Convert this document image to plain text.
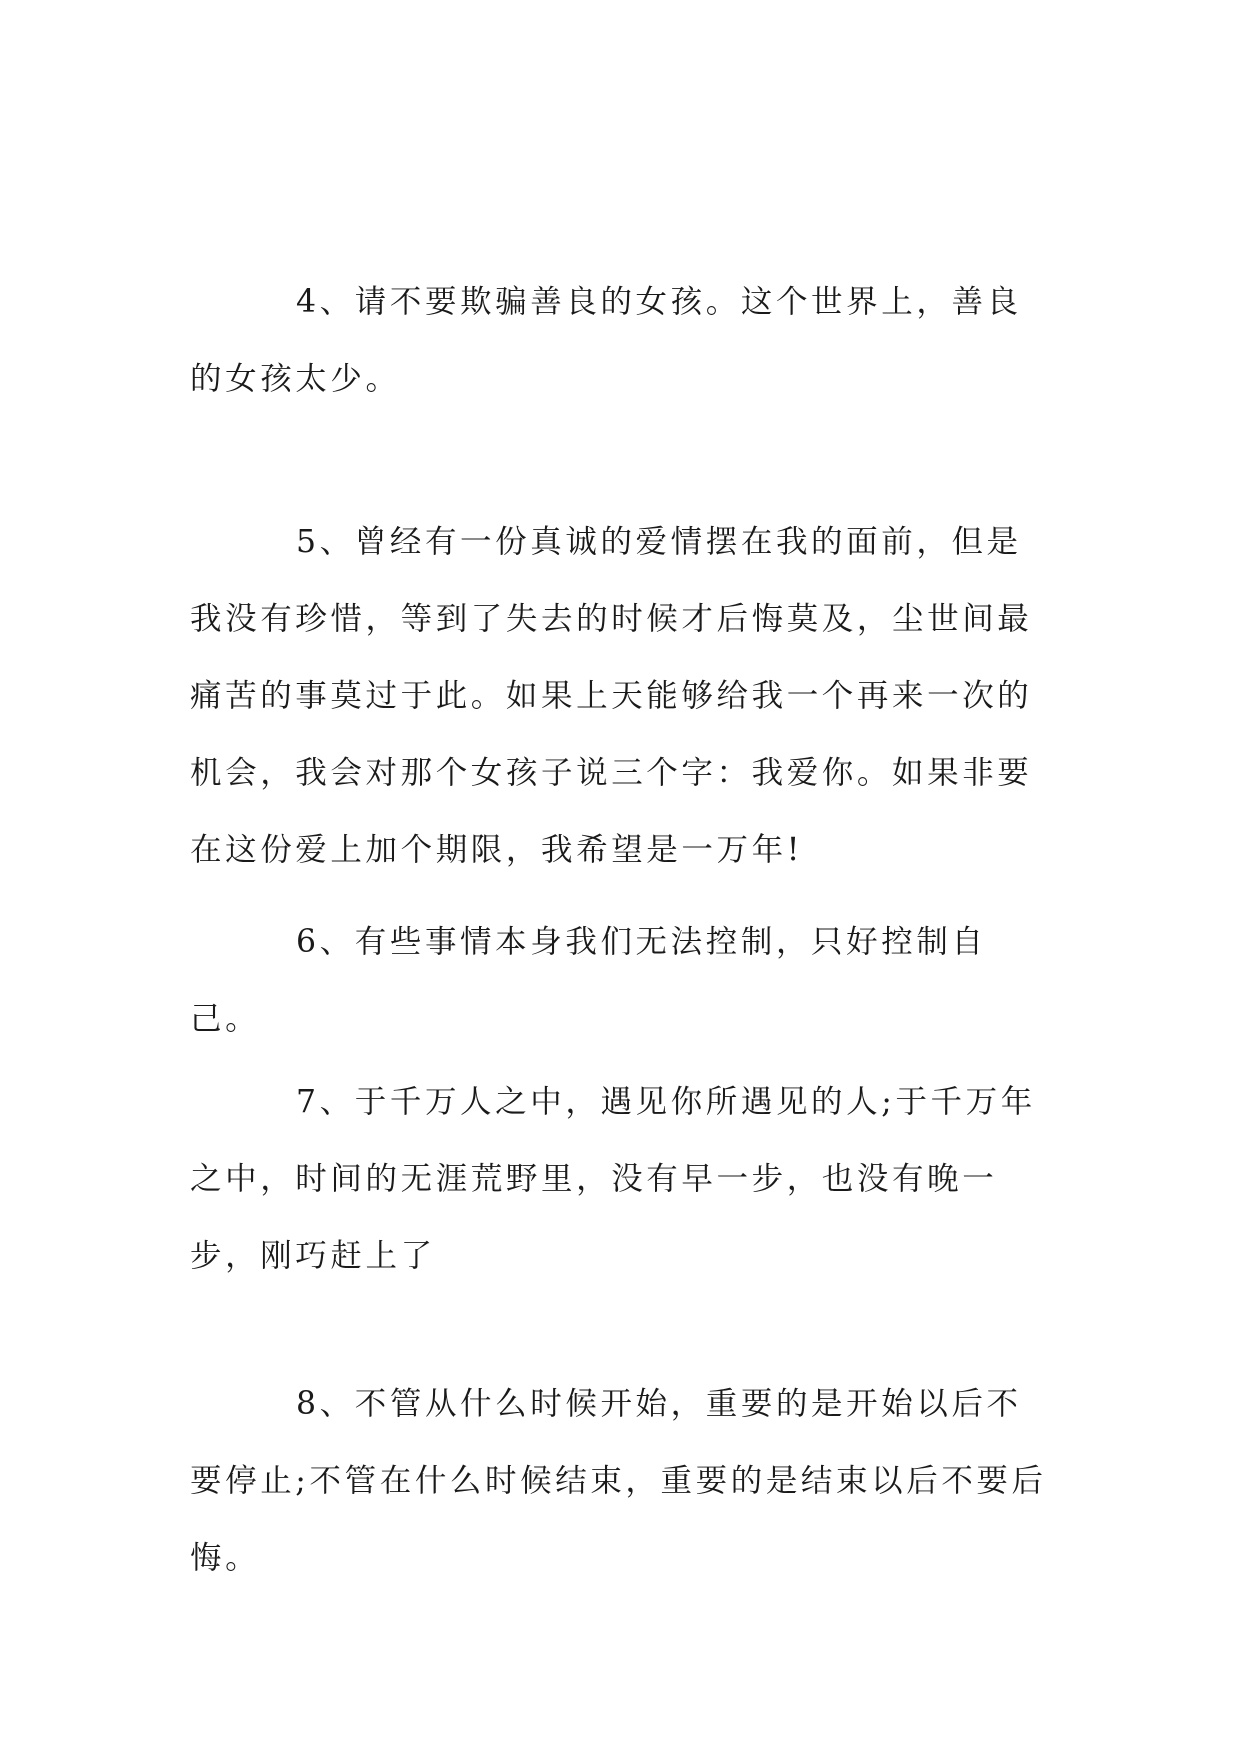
4、请不要欺骗善良的女孩。这个世界上，善良的女孩太少。

5、曾经有一份真诚的爱情摆在我的面前，但是我没有珍惜，等到了失去的时候才后悔莫及，尘世间最痛苦的事莫过于此。如果上天能够给我一个再来一次的机会，我会对那个女孩子说三个字：我爱你。如果非要在这份爱上加个期限，我希望是一万年!

6、有些事情本身我们无法控制，只好控制自己。

7、于千万人之中，遇见你所遇见的人;于千万年之中，时间的无涯荒野里，没有早一步，也没有晚一步，刚巧赶上了

8、不管从什么时候开始，重要的是开始以后不要停止;不管在什么时候结束，重要的是结束以后不要后悔。
